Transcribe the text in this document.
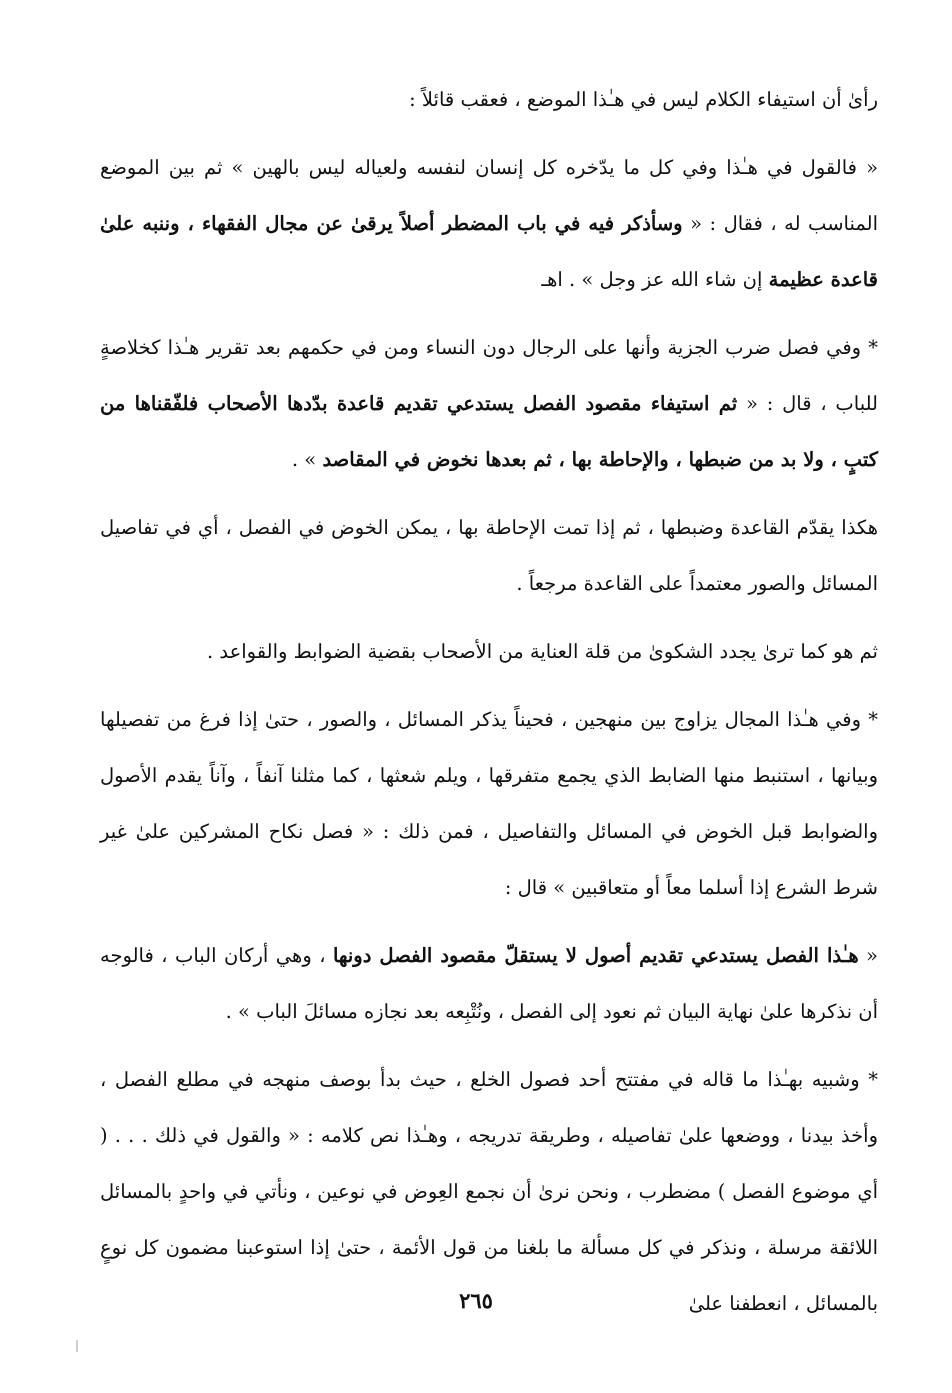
رأىٰ أن استيفاء الكلام ليس في هـٰذا الموضع ، فعقب قائلاً :

« فالقول في هـٰذا وفي كل ما يدّخره كل إنسان لنفسه ولعياله ليس بالهين » ثم بين الموضع المناسب له ، فقال : « وسأذكر فيه في باب المضطر أصلاً يرقىٰ عن مجال الفقهاء ، وننبه علىٰ قاعدة عظيمة إن شاء الله عز وجل » . اهـ

* وفي فصل ضرب الجزية وأنها على الرجال دون النساء ومن في حكمهم بعد تقرير هـٰذا كخلاصةٍ للباب ، قال : « ثم استيفاء مقصود الفصل يستدعي تقديم قاعدة بدّدها الأصحاب فلفّقناها من كتبٍ ، ولا بد من ضبطها ، والإحاطة بها ، ثم بعدها نخوض في المقاصد » .

هكذا يقدّم القاعدة وضبطها ، ثم إذا تمت الإحاطة بها ، يمكن الخوض في الفصل ، أي في تفاصيل المسائل والصور معتمداً على القاعدة مرجعاً .

ثم هو كما ترىٰ يجدد الشكوىٰ من قلة العناية من الأصحاب بقضية الضوابط والقواعد .

* وفي هـٰذا المجال يزاوج بين منهجين ، فحيناً يذكر المسائل ، والصور ، حتىٰ إذا فرغ من تفصيلها وبيانها ، استنبط منها الضابط الذي يجمع متفرقها ، ويلم شعثها ، كما مثلنا آنفاً ، وآناً يقدم الأصول والضوابط قبل الخوض في المسائل والتفاصيل ، فمن ذلك : « فصل نكاح المشركين علىٰ غير شرط الشرع إذا أسلما معاً أو متعاقبين » قال :

« هـٰذا الفصل يستدعي تقديم أصول لا يستقلّ مقصود الفصل دونها ، وهي أركان الباب ، فالوجه أن نذكرها علىٰ نهاية البيان ثم نعود إلى الفصل ، ونُتْبِعه بعد نجازه مسائلَ الباب » .

* وشبيه بهـٰذا ما قاله في مفتتح أحد فصول الخلع ، حيث بدأ بوصف منهجه في مطلع الفصل ، وأخذ بيدنا ، ووضعها علىٰ تفاصيله ، وطريقة تدريجه ، وهـٰذا نص كلامه : « والقول في ذلك . . . ( أي موضوع الفصل ) مضطرب ، ونحن نرىٰ أن نجمع العِوض في نوعين ، ونأتي في واحدٍ بالمسائل اللائقة مرسلة ، ونذكر في كل مسألة ما بلغنا من قول الأئمة ، حتىٰ إذا استوعبنا مضمون كل نوعٍ بالمسائل ، انعطفنا علىٰ

٢٦٥
